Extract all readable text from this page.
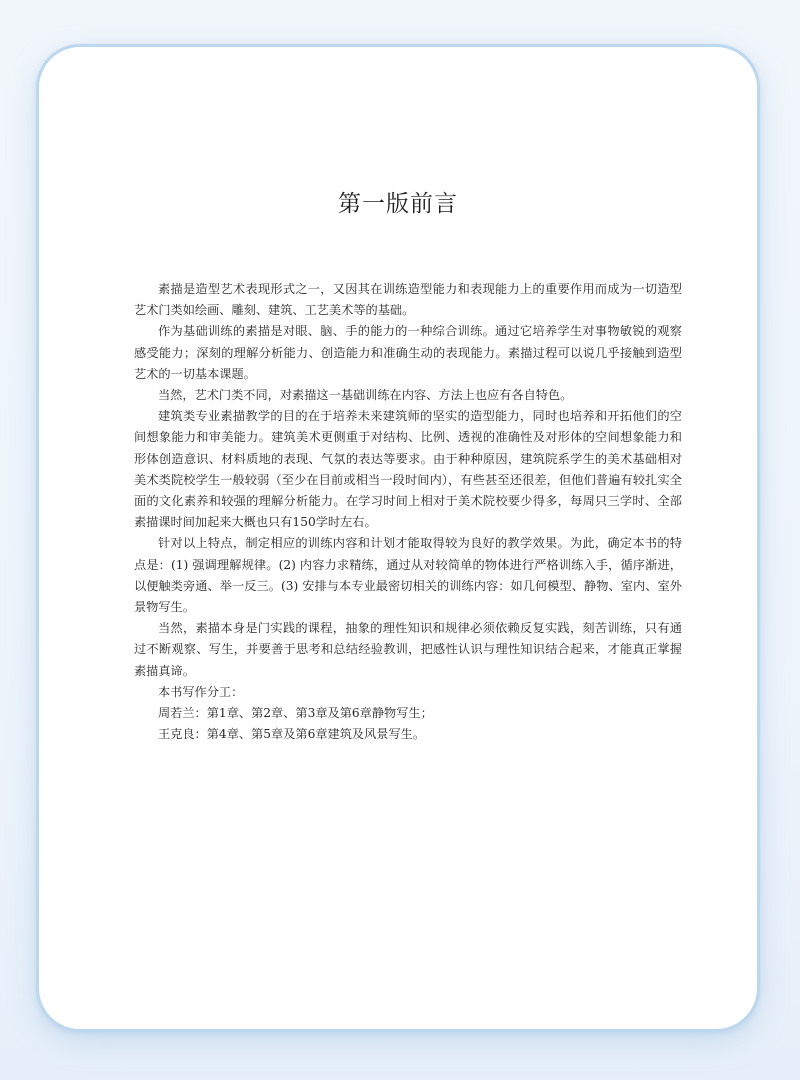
第一版前言

素描是造型艺术表现形式之一，又因其在训练造型能力和表现能力上的重要作用而成为一切造型艺术门类如绘画、雕刻、建筑、工艺美术等的基础。

作为基础训练的素描是对眼、脑、手的能力的一种综合训练。通过它培养学生对事物敏锐的观察感受能力；深刻的理解分析能力、创造能力和准确生动的表现能力。素描过程可以说几乎接触到造型艺术的一切基本课题。

当然，艺术门类不同，对素描这一基础训练在内容、方法上也应有各自特色。

建筑类专业素描教学的目的在于培养未来建筑师的坚实的造型能力，同时也培养和开拓他们的空间想象能力和审美能力。建筑美术更侧重于对结构、比例、透视的准确性及对形体的空间想象能力和形体创造意识、材料质地的表现、气氛的表达等要求。由于种种原因，建筑院系学生的美术基础相对美术类院校学生一般较弱（至少在目前或相当一段时间内），有些甚至还很差，但他们普遍有较扎实全面的文化素养和较强的理解分析能力。在学习时间上相对于美术院校要少得多，每周只三学时、全部素描课时间加起来大概也只有150学时左右。

针对以上特点，制定相应的训练内容和计划才能取得较为良好的教学效果。为此，确定本书的特点是：(1) 强调理解规律。(2) 内容力求精练，通过从对较简单的物体进行严格训练入手，循序渐进，以便触类旁通、举一反三。(3) 安排与本专业最密切相关的训练内容：如几何模型、静物、室内、室外景物写生。

当然，素描本身是门实践的课程，抽象的理性知识和规律必须依赖反复实践，刻苦训练，只有通过不断观察、写生，并要善于思考和总结经验教训，把感性认识与理性知识结合起来，才能真正掌握素描真谛。

本书写作分工：

周若兰：第1章、第2章、第3章及第6章静物写生；

王克良：第4章、第5章及第6章建筑及风景写生。
